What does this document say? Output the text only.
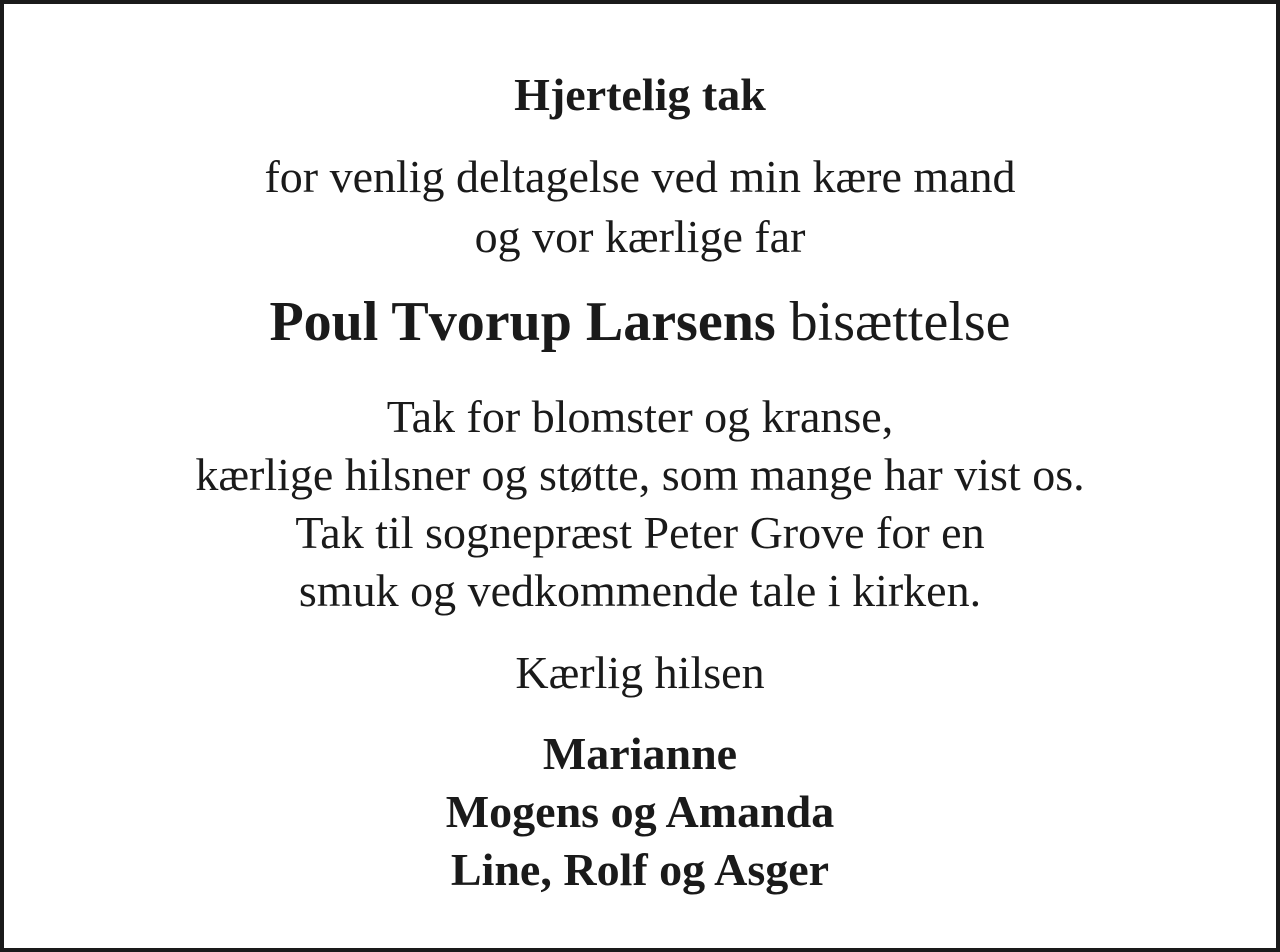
Hjertelig tak

for venlig deltagelse ved min kære mand

og vor kærlige far

Poul Tvorup Larsens bisættelse

Tak for blomster og kranse,

kærlige hilsner og støtte, som mange har vist os.

Tak til sognepræst Peter Grove for en

smuk og vedkommende tale i kirken.

Kærlig hilsen

Marianne

Mogens og Amanda

Line, Rolf og Asger
